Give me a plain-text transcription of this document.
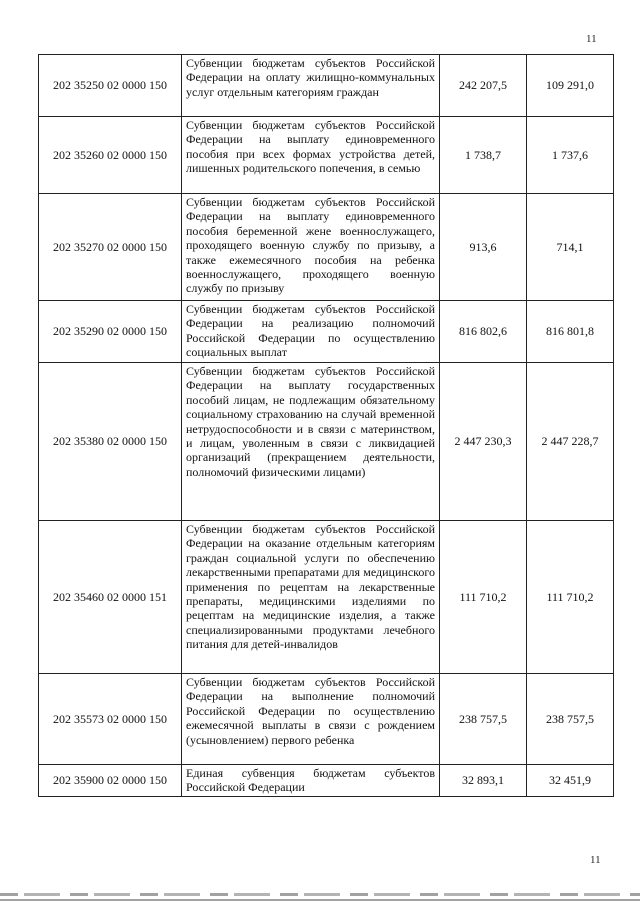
11
202 35250 02 0000 150	Субвенции бюджетам субъектов Российской Федерации на оплату жилищно-коммунальных услуг отдельным категориям граждан	242 207,5	109 291,0
202 35260 02 0000 150	Субвенции бюджетам субъектов Российской Федерации на выплату единовременного пособия при всех формах устройства детей, лишенных родительского попечения, в семью	1 738,7	1 737,6
202 35270 02 0000 150	Субвенции бюджетам субъектов Российской Федерации на выплату единовременного пособия беременной жене военнослужащего, проходящего военную службу по призыву, а также ежемесячного пособия на ребенка военнослужащего, проходящего военную службу по призыву	913,6	714,1
202 35290 02 0000 150	Субвенции бюджетам субъектов Российской Федерации на реализацию полномочий Российской Федерации по осуществлению социальных выплат	816 802,6	816 801,8
202 35380 02 0000 150	Субвенции бюджетам субъектов Российской Федерации на выплату государственных пособий лицам, не подлежащим обязательному социальному страхованию на случай временной нетрудоспособности и в связи с материнством, и лицам, уволенным в связи с ликвидацией организаций (прекращением деятельности, полномочий физическими лицами)	2 447 230,3	2 447 228,7
202 35460 02 0000 151	Субвенции бюджетам субъектов Российской Федерации на оказание отдельным категориям граждан социальной услуги по обеспечению лекарственными препаратами для медицинского применения по рецептам на лекарственные препараты, медицинскими изделиями по рецептам на медицинские изделия, а также специализированными продуктами лечебного питания для детей-инвалидов	111 710,2	111 710,2
202 35573 02 0000 150	Субвенции бюджетам субъектов Российской Федерации на выполнение полномочий Российской Федерации по осуществлению ежемесячной выплаты в связи с рождением (усыновлением) первого ребенка	238 757,5	238 757,5
202 35900 02 0000 150	Единая субвенция бюджетам субъектов Российской Федерации	32 893,1	32 451,9
11
